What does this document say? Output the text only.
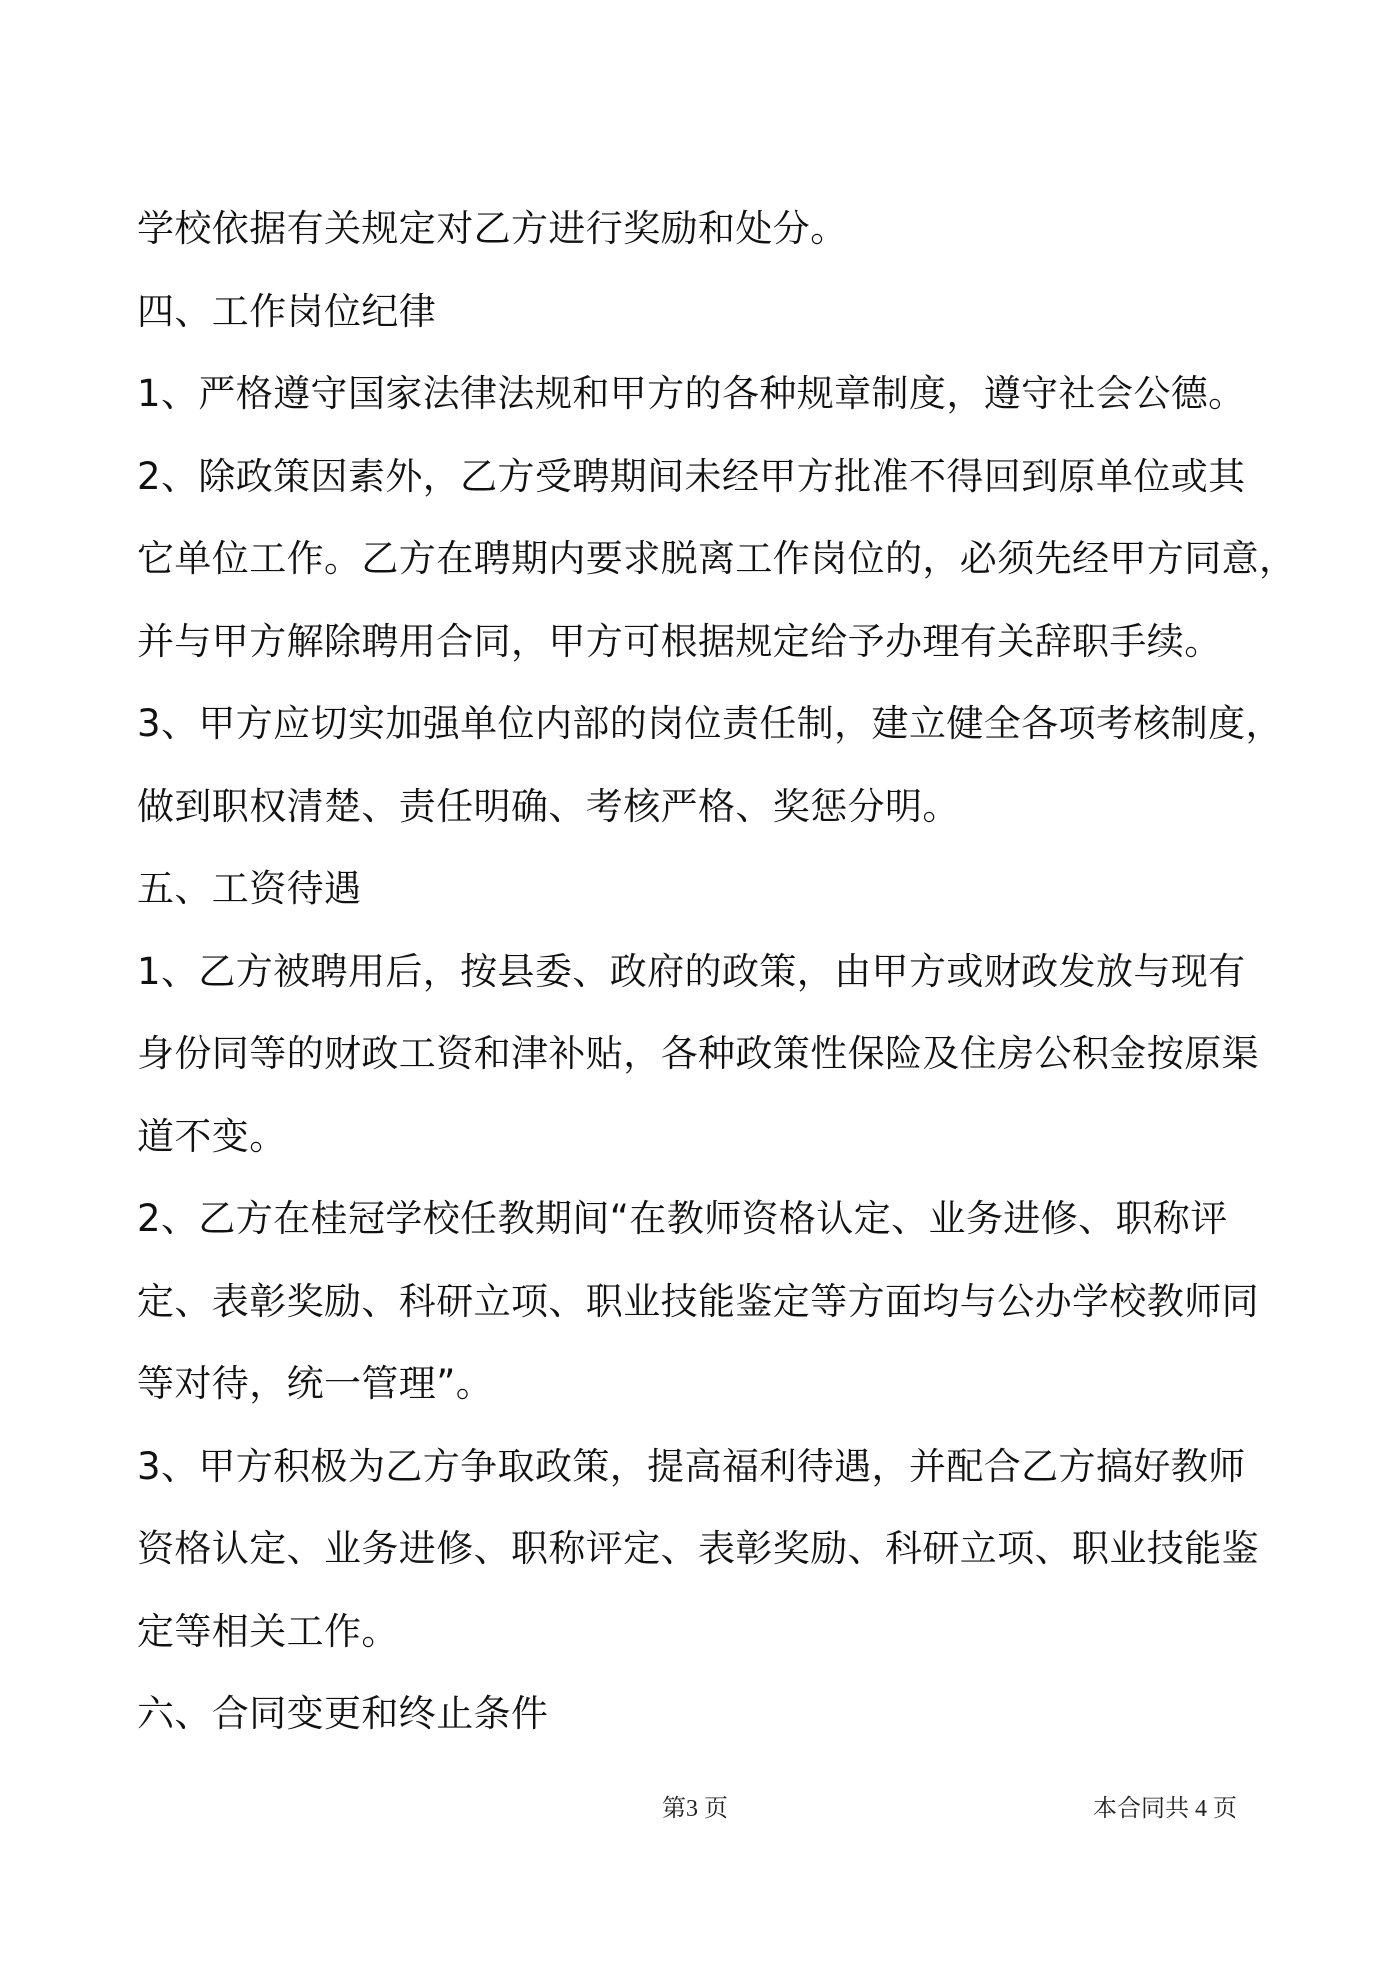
学校依据有关规定对乙方进行奖励和处分。
四、工作岗位纪律
1、严格遵守国家法律法规和甲方的各种规章制度，遵守社会公德。
2、除政策因素外，乙方受聘期间未经甲方批准不得回到原单位或其
它单位工作。乙方在聘期内要求脱离工作岗位的，必须先经甲方同意，
并与甲方解除聘用合同，甲方可根据规定给予办理有关辞职手续。
3、甲方应切实加强单位内部的岗位责任制，建立健全各项考核制度，
做到职权清楚、责任明确、考核严格、奖惩分明。
五、工资待遇
1、乙方被聘用后，按县委、政府的政策，由甲方或财政发放与现有
身份同等的财政工资和津补贴，各种政策性保险及住房公积金按原渠
道不变。
2、乙方在桂冠学校任教期间“在教师资格认定、业务进修、职称评
定、表彰奖励、科研立项、职业技能鉴定等方面均与公办学校教师同
等对待，统一管理”。
3、甲方积极为乙方争取政策，提高福利待遇，并配合乙方搞好教师
资格认定、业务进修、职称评定、表彰奖励、科研立项、职业技能鉴
定等相关工作。
六、合同变更和终止条件
第3 页	本合同共 4 页
